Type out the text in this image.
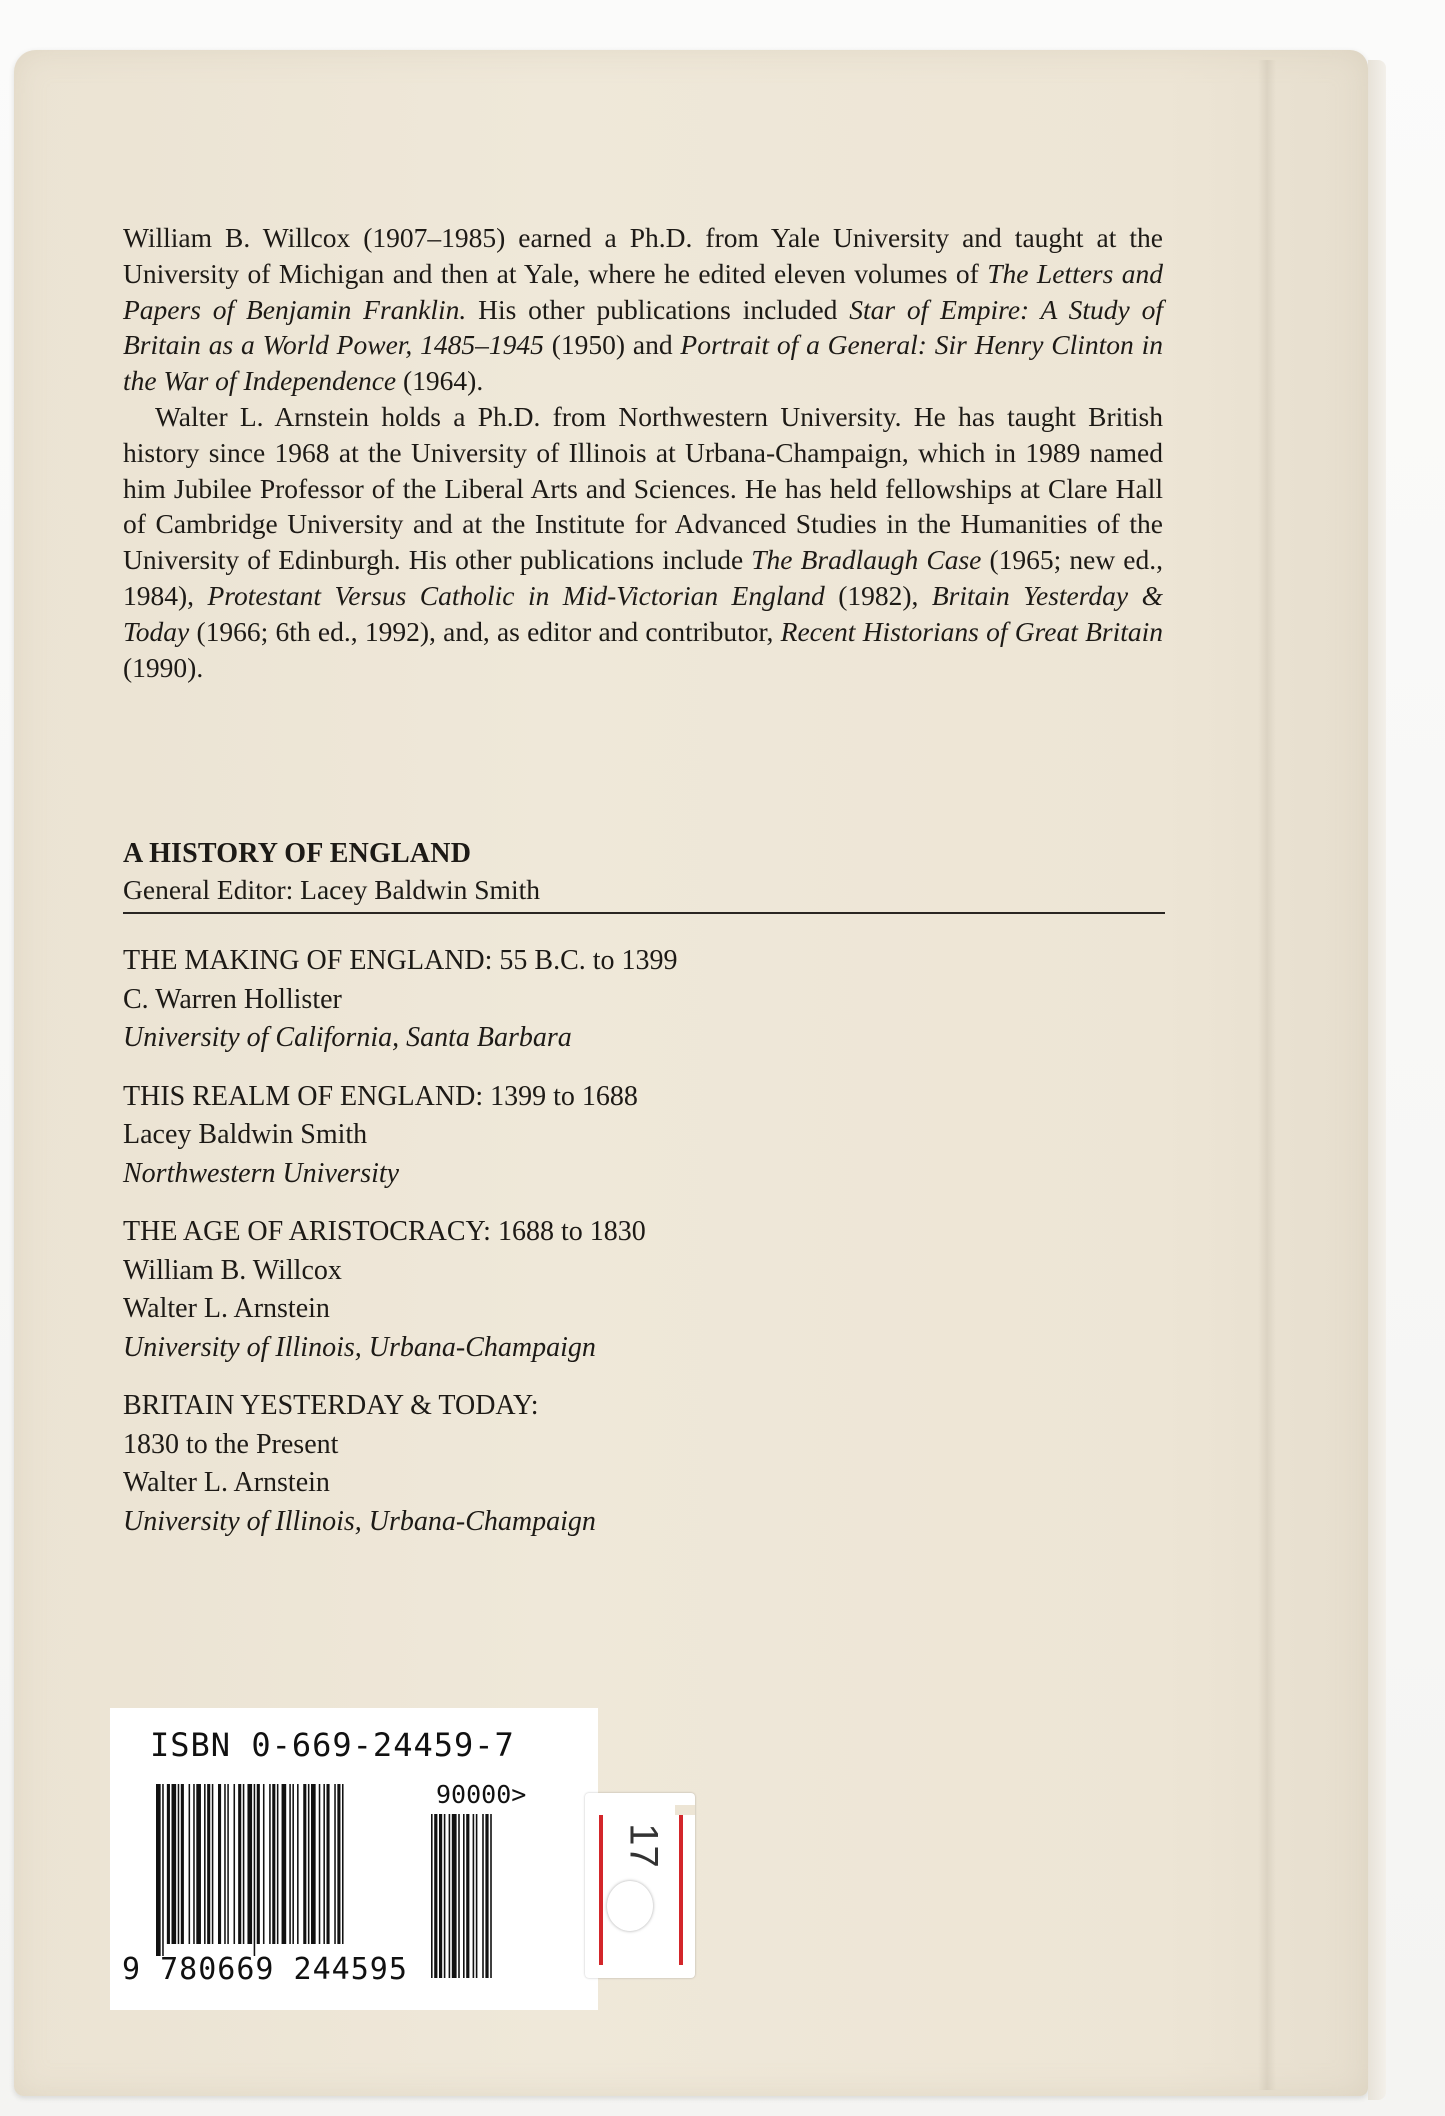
William B. Willcox (1907–1985) earned a Ph.D. from Yale University and taught at the University of Michigan and then at Yale, where he edited eleven volumes of The Letters and Papers of Benjamin Franklin. His other publications included Star of Empire: A Study of Britain as a World Power, 1485–1945 (1950) and Portrait of a General: Sir Henry Clinton in the War of Independence (1964).

Walter L. Arnstein holds a Ph.D. from Northwestern University. He has taught British history since 1968 at the University of Illinois at Urbana-Champaign, which in 1989 named him Jubilee Professor of the Liberal Arts and Sciences. He has held fellowships at Clare Hall of Cambridge University and at the Institute for Advanced Studies in the Humanities of the University of Edinburgh. His other publications include The Bradlaugh Case (1965; new ed., 1984), Protestant Versus Catholic in Mid-Victorian England (1982), Britain Yesterday & Today (1966; 6th ed., 1992), and, as editor and contributor, Recent Historians of Great Britain (1990).

A HISTORY OF ENGLAND
General Editor: Lacey Baldwin Smith
THE MAKING OF ENGLAND: 55 B.C. to 1399
C. Warren Hollister
University of California, Santa Barbara
THIS REALM OF ENGLAND: 1399 to 1688
Lacey Baldwin Smith
Northwestern University
THE AGE OF ARISTOCRACY: 1688 to 1830
William B. Willcox
Walter L. Arnstein
University of Illinois, Urbana-Champaign
BRITAIN YESTERDAY & TODAY:
1830 to the Present
Walter L. Arnstein
University of Illinois, Urbana-Champaign
ISBN 0-669-24459-7
90000>
9 780669 244595
17
